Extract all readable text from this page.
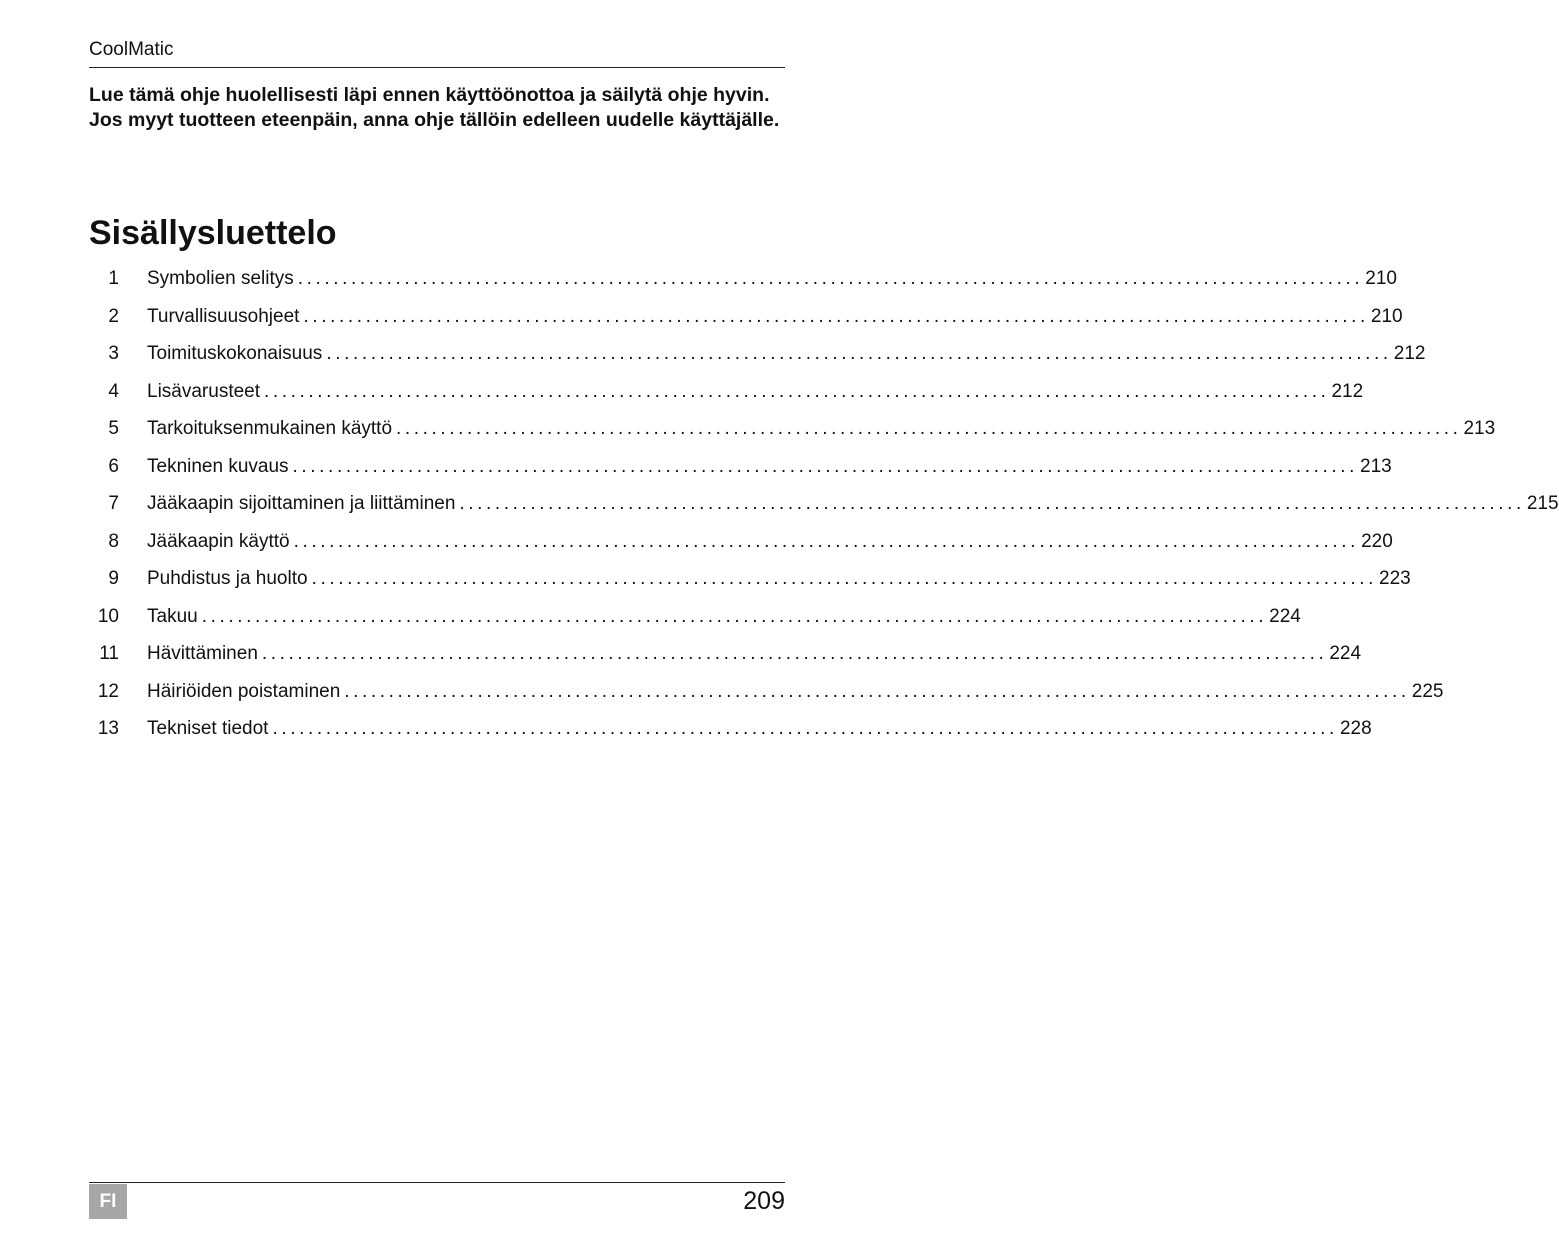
CoolMatic

Lue tämä ohje huolellisesti läpi ennen käyttöönottoa ja säilytä ohje hyvin. Jos myyt tuotteen eteenpäin, anna ohje tällöin edelleen uudelle käyttäjälle.

Sisällysluettelo
1 Symbolien selitys ........................................................................................................................ 210
2 Turvallisuusohjeet ........................................................................................................................ 210
3 Toimituskokonaisuus ........................................................................................................................ 212
4 Lisävarusteet ........................................................................................................................ 212
5 Tarkoituksenmukainen käyttö ........................................................................................................................ 213
6 Tekninen kuvaus ........................................................................................................................ 213
7 Jääkaapin sijoittaminen ja liittäminen ........................................................................................................................ 215
8 Jääkaapin käyttö ........................................................................................................................ 220
9 Puhdistus ja huolto ........................................................................................................................ 223
10 Takuu ........................................................................................................................ 224
11 Hävittäminen ........................................................................................................................ 224
12 Häiriöiden poistaminen ........................................................................................................................ 225
13 Tekniset tiedot ........................................................................................................................ 228
FI	209
